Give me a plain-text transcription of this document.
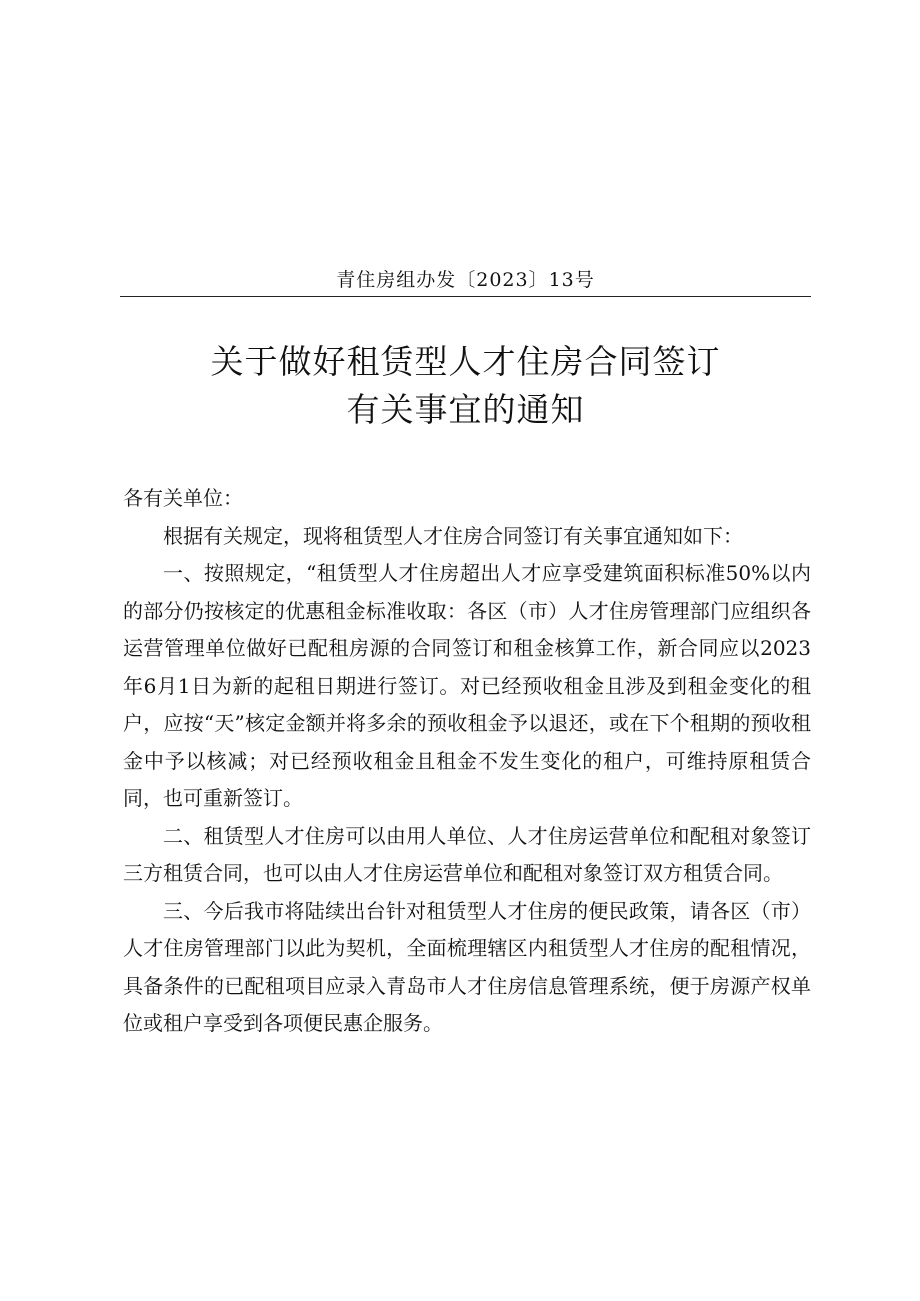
青住房组办发〔2023〕13号
关于做好租赁型人才住房合同签订
有关事宜的通知

各有关单位：

根据有关规定，现将租赁型人才住房合同签订有关事宜通知如下：

一、按照规定，“租赁型人才住房超出人才应享受建筑面积标准50%以内的部分仍按核定的优惠租金标准收取：各区（市）人才住房管理部门应组织各运营管理单位做好已配租房源的合同签订和租金核算工作，新合同应以2023年6月1日为新的起租日期进行签订。对已经预收租金且涉及到租金变化的租户，应按“天”核定金额并将多余的预收租金予以退还，或在下个租期的预收租金中予以核减；对已经预收租金且租金不发生变化的租户，可维持原租赁合同，也可重新签订。

二、租赁型人才住房可以由用人单位、人才住房运营单位和配租对象签订三方租赁合同，也可以由人才住房运营单位和配租对象签订双方租赁合同。

三、今后我市将陆续出台针对租赁型人才住房的便民政策，请各区（市）人才住房管理部门以此为契机，全面梳理辖区内租赁型人才住房的配租情况，具备条件的已配租项目应录入青岛市人才住房信息管理系统，便于房源产权单位或租户享受到各项便民惠企服务。
